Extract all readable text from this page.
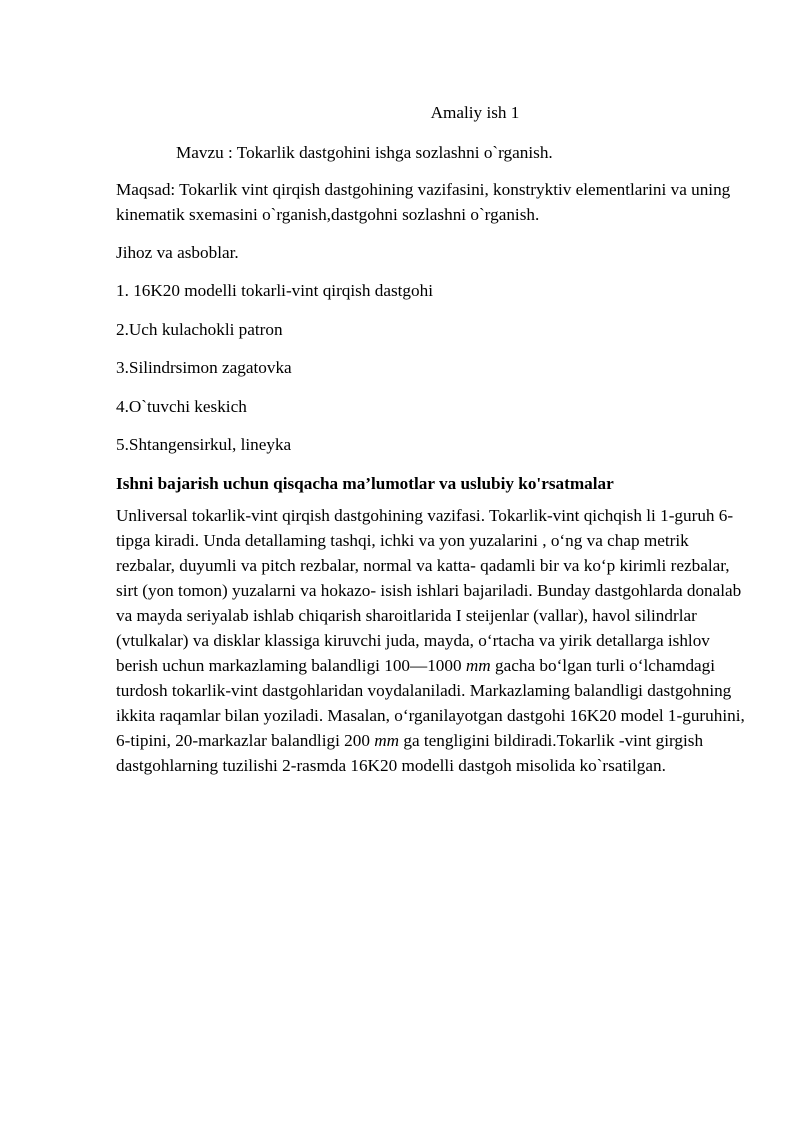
Amaliy ish 1

Mavzu : Tokarlik dastgohini ishga sozlashni o`rganish.

Maqsad: Tokarlik vint qirqish dastgohining vazifasini, konstryktiv elementlarini va uning kinematik sxemasini o`rganish,dastgohni sozlashni o`rganish.

Jihoz va asboblar.

1. 16K20 modelli tokarli-vint qirqish dastgohi

2.Uch kulachokli patron

3.Silindrsimon zagatovka

4.O`tuvchi keskich

5.Shtangensirkul, lineyka

Ishni bajarish uchun qisqacha ma’lumotlar va uslubiy ko'rsatmalar

Unliversal tokarlik-vint qirqish dastgohining vazifasi. Tokarlik-vint qichqish li 1-guruh 6-tipga kiradi. Unda detallaming tashqi, ichki va yon yuzalarini , o‘ng va chap metrik rezbalar, duyumli va pitch rezbalar, normal va katta- qadamli bir va ko‘p kirimli rezbalar, sirt (yon tomon) yuzalarni va hokazo- isish ishlari bajariladi. Bunday dastgohlarda donalab va mayda seriyalab ishlab chiqarish sharoitlarida I steijenlar (vallar), havol silindrlar (vtulkalar) va disklar klassiga kiruvchi juda, mayda, o‘rtacha va yirik detallarga ishlov berish uchun markazlaming balandligi 100—1000 mm gacha bo‘lgan turli o‘lchamdagi turdosh tokarlik-vint dastgohlaridan voydalaniladi. Markazlaming balandligi dastgohning ikkita raqamlar bilan yoziladi. Masalan, o‘rganilayotgan dastgohi 16K20 model 1-guruhini, 6-tipini, 20-markazlar balandligi 200 mm ga tengligini bildiradi.Tokarlik -vint girgish dastgohlarning tuzilishi 2-rasmda 16K20 modelli dastgoh misolida ko`rsatilgan.
